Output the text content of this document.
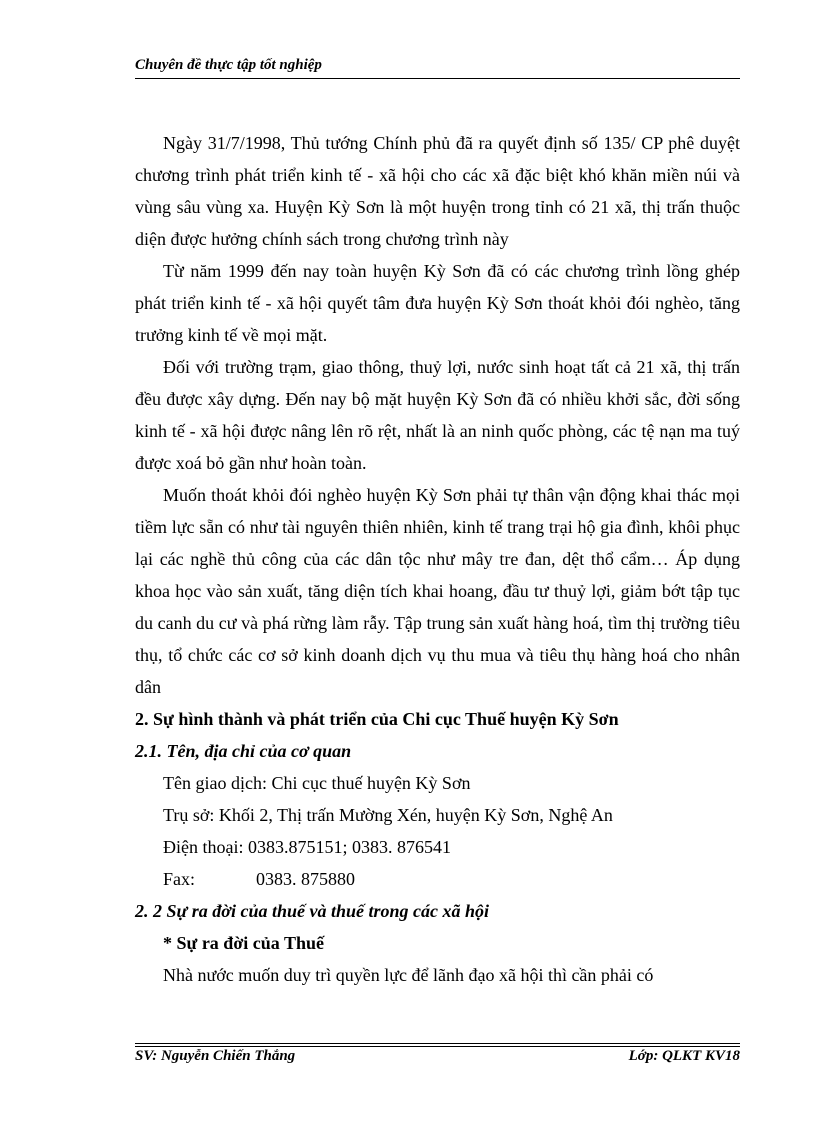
Chuyên đề thực tập tốt nghiệp

Ngày 31/7/1998, Thủ tướng Chính phủ đã ra quyết định số 135/ CP phê duyệt chương trình phát triển kinh tế - xã hội cho các xã đặc biệt khó khăn miền núi và vùng sâu vùng xa. Huyện Kỳ Sơn là một huyện trong tỉnh có 21 xã, thị trấn thuộc diện được hưởng chính sách trong chương trình này

Từ năm 1999 đến nay toàn huyện Kỳ Sơn đã có các chương trình lồng ghép phát triển kinh tế - xã hội quyết tâm đưa huyện Kỳ Sơn thoát khỏi đói nghèo, tăng trưởng kinh tế về mọi mặt.

Đối với trường trạm, giao thông, thuỷ lợi, nước sinh hoạt tất cả 21 xã, thị trấn đều được xây dựng. Đến nay bộ mặt huyện Kỳ Sơn đã có nhiều khởi sắc, đời sống kinh tế - xã hội được nâng lên rõ rệt, nhất là an ninh quốc phòng, các tệ nạn ma tuý được xoá bỏ gần như hoàn toàn.

Muốn thoát khỏi đói nghèo huyện Kỳ Sơn phải tự thân vận động khai thác mọi tiềm lực sẵn có như tài nguyên thiên nhiên, kinh tế trang trại hộ gia đình, khôi phục lại các nghề thủ công của các dân tộc như mây tre đan, dệt thổ cẩm… Áp dụng khoa học vào sản xuất, tăng diện tích khai hoang, đầu tư thuỷ lợi, giảm bớt tập tục du canh du cư và phá rừng làm rẫy. Tập trung sản xuất hàng hoá, tìm thị trường tiêu thụ, tổ chức các cơ sở kinh doanh dịch vụ thu mua và tiêu thụ hàng hoá cho nhân dân

2. Sự hình thành và phát triển của Chi cục Thuế huyện Kỳ Sơn

2.1. Tên, địa chỉ của cơ quan

Tên giao dịch: Chi cục thuế huyện Kỳ Sơn

Trụ sở: Khối 2, Thị trấn Mường Xén, huyện Kỳ Sơn, Nghệ An

Điện thoại: 0383.875151; 0383. 876541

Fax:	0383. 875880

2. 2 Sự ra đời của thuế và thuế trong các xã hội

* Sự ra đời của Thuế

Nhà nước muốn duy trì quyền lực để lãnh đạo xã hội thì cần phải có

SV: Nguyễn Chiến Thắng	Lớp: QLKT KV18
